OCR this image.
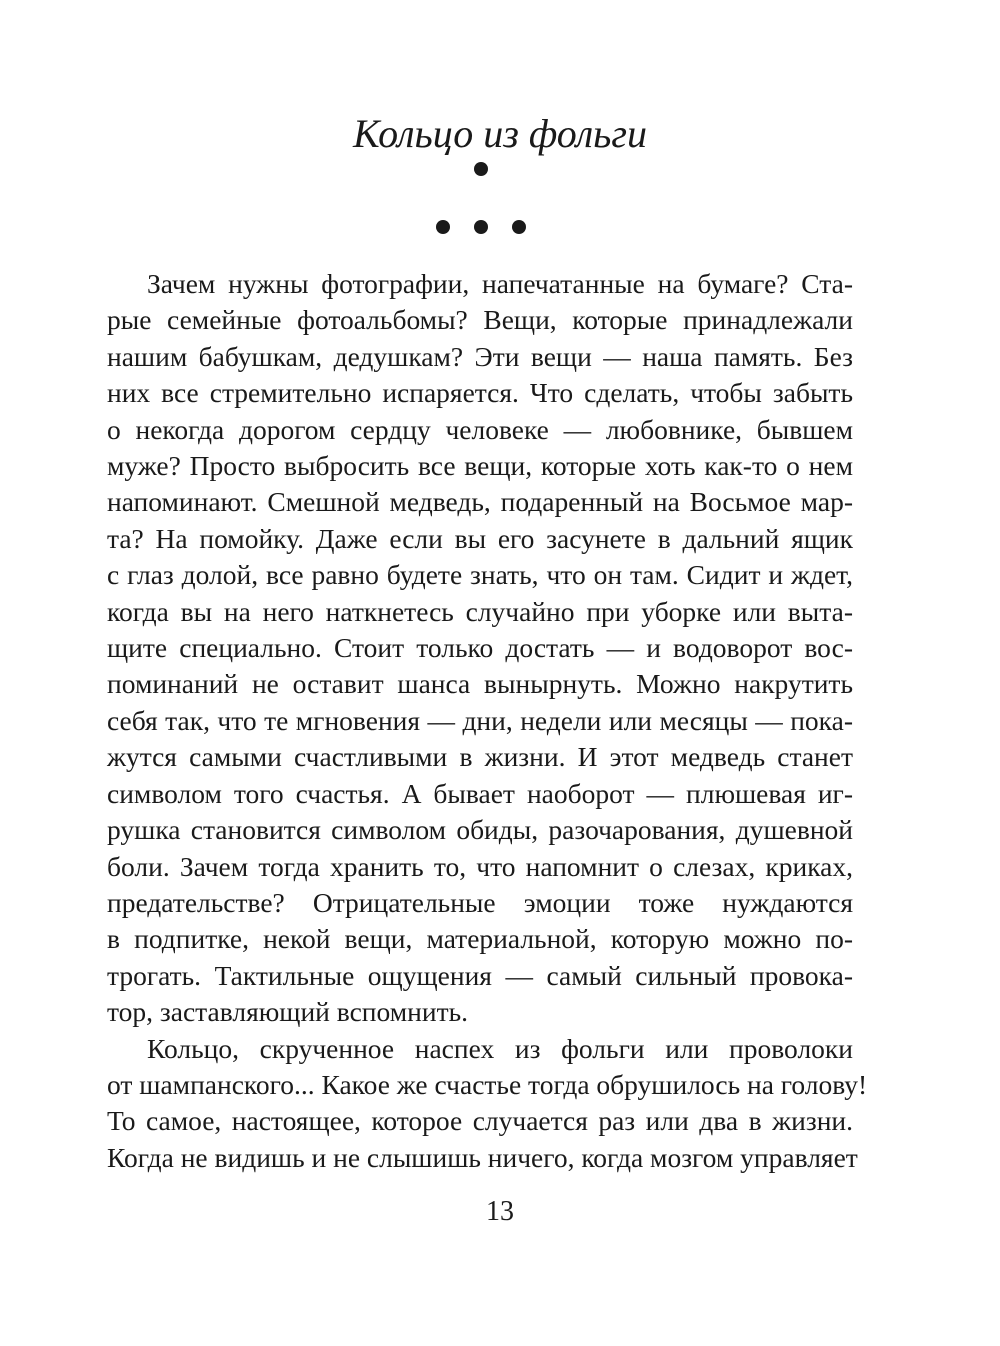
Кольцо из фольги
Зачем нужны фотографии, напечатанные на бумаге? Ста-
рые семейные фотоальбомы? Вещи, которые принадлежали
нашим бабушкам, дедушкам? Эти вещи — наша память. Без
них все стремительно испаряется. Что сделать, чтобы забыть
о некогда дорогом сердцу человеке — любовнике, бывшем
муже? Просто выбросить все вещи, которые хоть как-то о нем
напоминают. Смешной медведь, подаренный на Восьмое мар-
та? На помойку. Даже если вы его засунете в дальний ящик
с глаз долой, все равно будете знать, что он там. Сидит и ждет,
когда вы на него наткнетесь случайно при уборке или выта-
щите специально. Стоит только достать — и водоворот вос-
поминаний не оставит шанса вынырнуть. Можно накрутить
себя так, что те мгновения — дни, недели или месяцы — пока-
жутся самыми счастливыми в жизни. И этот медведь станет
символом того счастья. А бывает наоборот — плюшевая иг-
рушка становится символом обиды, разочарования, душевной
боли. Зачем тогда хранить то, что напомнит о слезах, криках,
предательстве? Отрицательные эмоции тоже нуждаются
в подпитке, некой вещи, материальной, которую можно по-
трогать. Тактильные ощущения — самый сильный провока-
тор, заставляющий вспомнить.
Кольцо, скрученное наспех из фольги или проволоки
от шампанского... Какое же счастье тогда обрушилось на голову!
То самое, настоящее, которое случается раз или два в жизни.
Когда не видишь и не слышишь ничего, когда мозгом управляет
13
